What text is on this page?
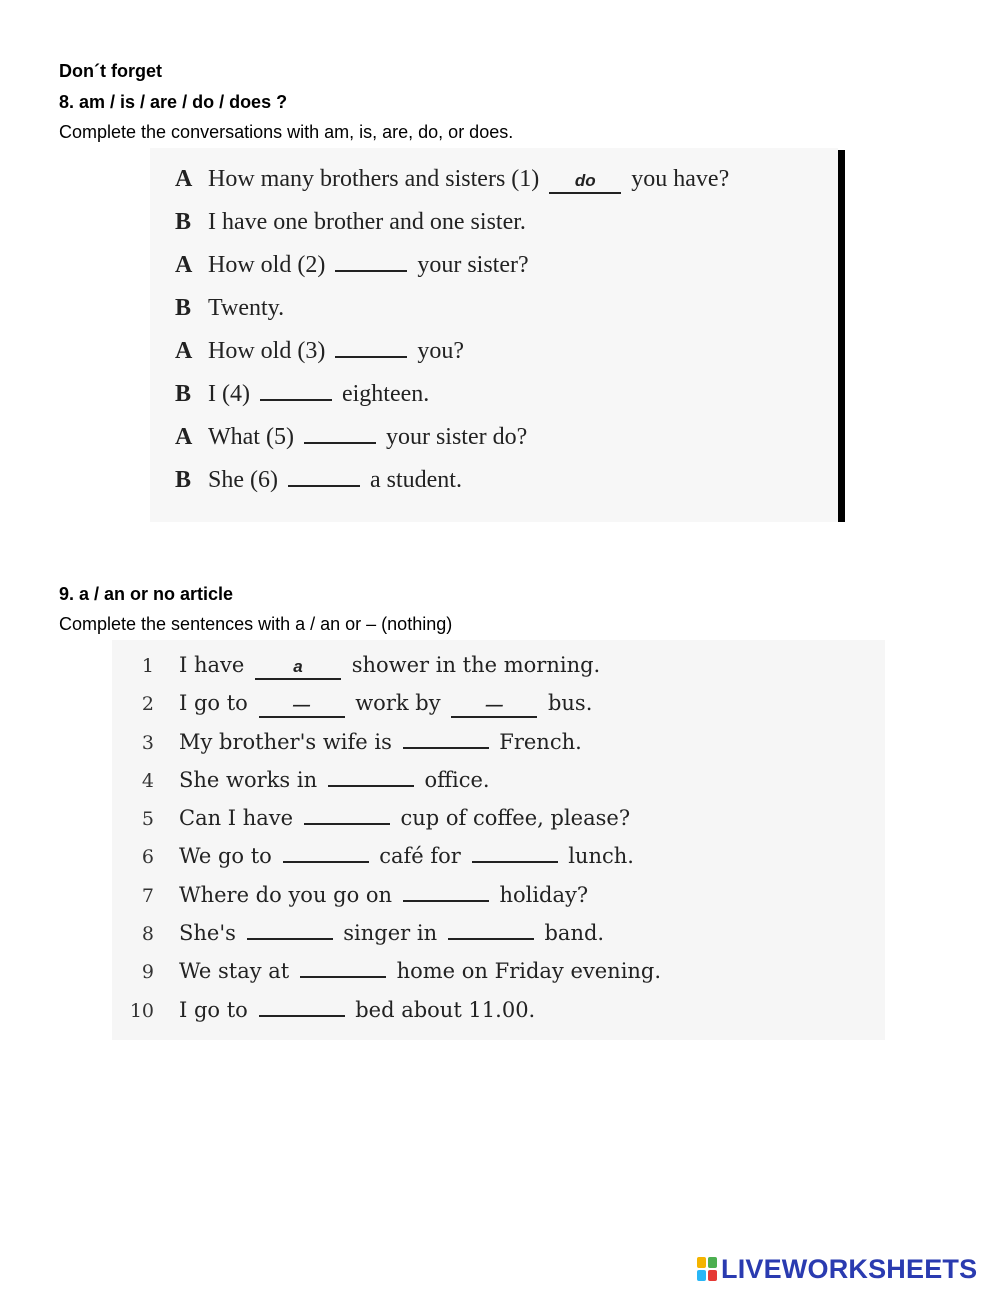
Don´t forget
8. am / is / are / do / does ?
Complete the conversations with am, is, are, do, or does.
A How many brothers and sisters (1) do you have?
B I have one brother and one sister.
A How old (2)	your sister?
B Twenty.
A How old (3)	you?
B I (4)	eighteen.
A What (5)	your sister do?
B She (6)	a student.
9. a / an or no article
Complete the sentences with a / an or – (nothing)
1 I have	a shower in the morning.
2 I go to	— work by	— bus.
3 My brother's wife is	French.
4 She works in	office.
5 Can I have	cup of coffee, please?
6 We go to	café for	lunch.
7 Where do you go on	holiday?
8 She's	singer in	band.
9 We stay at	home on Friday evening.
10 I go to	bed about 11.00.
LIVEWORKSHEETS
